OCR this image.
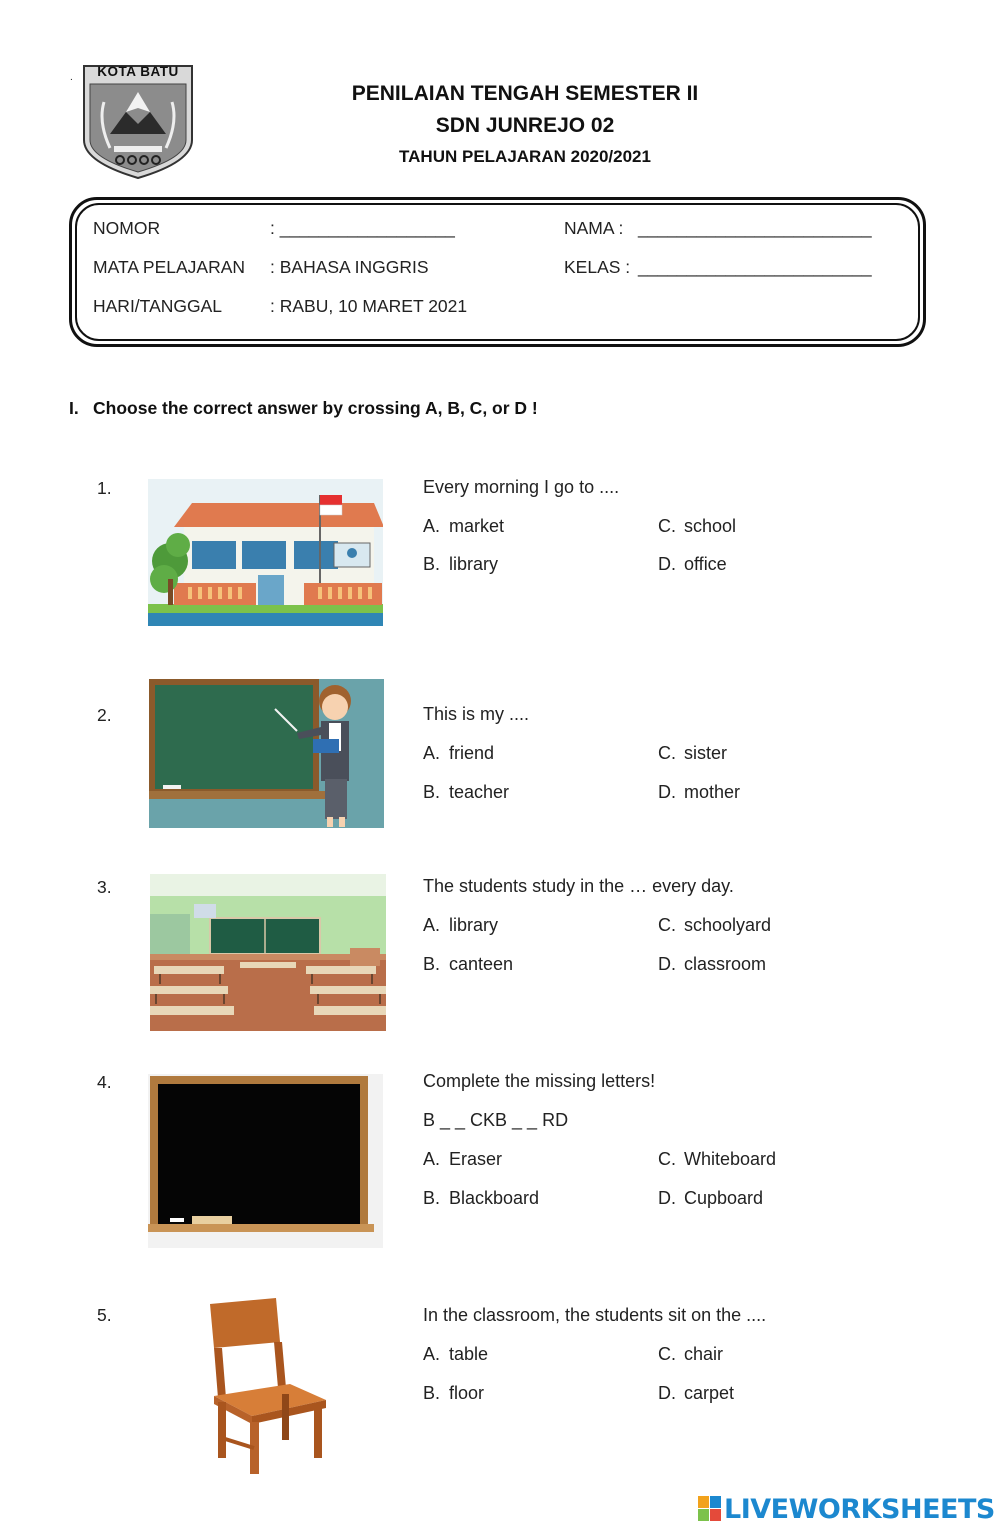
.	KOTA BATU
PENILAIAN TENGAH SEMESTER II
SDN JUNREJO 02
TAHUN PELAJARAN 2020/2021
NOMOR	: __________________	NAMA : ________________________
MATA PELAJARAN : BAHASA INGGRIS	KELAS : ________________________
HARI/TANGGAL	: RABU, 10 MARET 2021
I. Choose the correct answer by crossing A, B, C, or D !
1.	Every morning I go to ....
A. market	C. school
B. library	D. office
2.	This is my ....
A. friend	C. sister
B. teacher	D. mother
3.	The students study in the … every day.
A. library	C. schoolyard
B. canteen	D. classroom
4.	Complete the missing letters!
B _ _ CKB _ _ RD
A. Eraser	C. Whiteboard
B. Blackboard	D. Cupboard
5.	In the classroom, the students sit on the ....
A. table	C. chair
B. floor	D. carpet
LIVEWORKSHEETS
